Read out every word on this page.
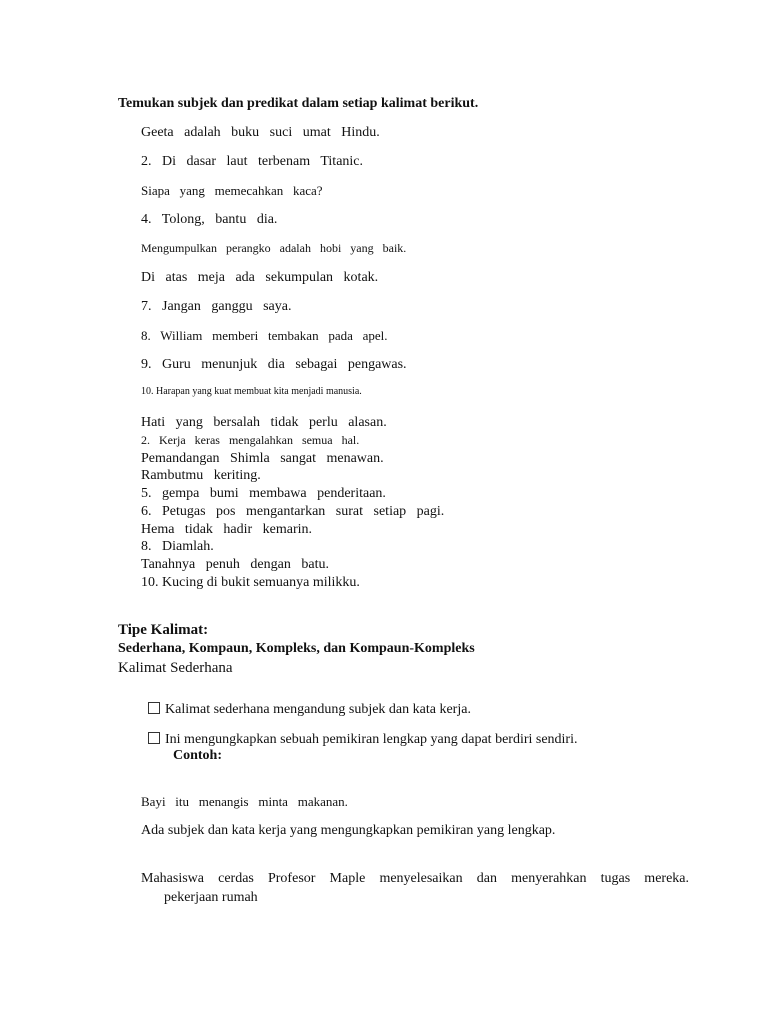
Temukan subjek dan predikat dalam setiap kalimat berikut.
Geeta   adalah   buku   suci   umat   Hindu.
2.   Di   dasar   laut   terbenam   Titanic.
Siapa   yang   memecahkan   kaca?
4.   Tolong,   bantu   dia.
Mengumpulkan   perangko   adalah   hobi   yang   baik.
Di   atas   meja   ada   sekumpulan   kotak.
7.   Jangan   ganggu   saya.
8.   William   memberi   tembakan   pada   apel.
9.   Guru   menunjuk   dia   sebagai   pengawas.
10. Harapan yang kuat membuat kita menjadi manusia.
Hati   yang   bersalah   tidak   perlu   alasan.
2.   Kerja   keras   mengalahkan   semua   hal.
Pemandangan   Shimla   sangat   menawan.
Rambutmu   keriting.
5.   gempa   bumi   membawa   penderitaan.
6.   Petugas   pos   mengantarkan   surat   setiap   pagi.
Hema   tidak   hadir   kemarin.
8.   Diamlah.
Tanahnya   penuh   dengan   batu.
10. Kucing di bukit semuanya milikku.
Tipe Kalimat:
Sederhana, Kompaun, Kompleks, dan Kompaun-Kompleks
Kalimat Sederhana

Kalimat sederhana mengandung subjek dan kata kerja.

Ini mengungkapkan sebuah pemikiran lengkap yang dapat berdiri sendiri.

Contoh:
Bayi   itu   menangis   minta   makanan.
Ada subjek dan kata kerja yang mengungkapkan pemikiran yang lengkap.
Mahasiswa cerdas Profesor Maple menyelesaikan dan menyerahkan tugas mereka.
pekerjaan rumah
